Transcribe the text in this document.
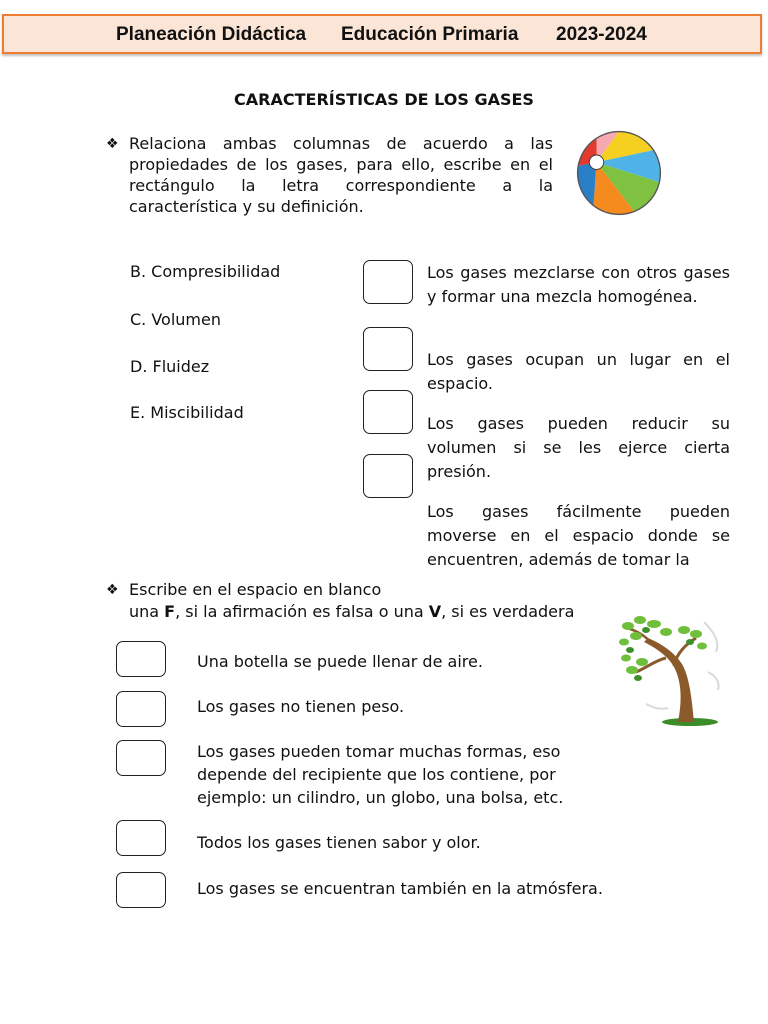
Planeación Didáctica Educación Primaria 2023-2024
CARACTERÍSTICAS DE LOS GASES
❖ Relaciona ambas columnas de acuerdo a las propiedades de los gases, para ello, escribe en el rectángulo la letra correspondiente a la característica y su definición.
B. Compresibilidad
C. Volumen
D. Fluidez
E. Miscibilidad
Los gases mezclarse con otros gases y formar una mezcla homogénea.
Los gases ocupan un lugar en el espacio.
Los gases pueden reducir su volumen si se les ejerce cierta presión.
Los gases fácilmente pueden moverse en el espacio donde se encuentren, además de tomar la
❖ Escribe en el espacio en blanco
una F, si la afirmación es falsa o una V, si es verdadera
Una botella se puede llenar de aire.
Los gases no tienen peso.
Los gases pueden tomar muchas formas, eso depende del recipiente que los contiene, por ejemplo: un cilindro, un globo, una bolsa, etc.
Todos los gases tienen sabor y olor.
Los gases se encuentran también en la atmósfera.
